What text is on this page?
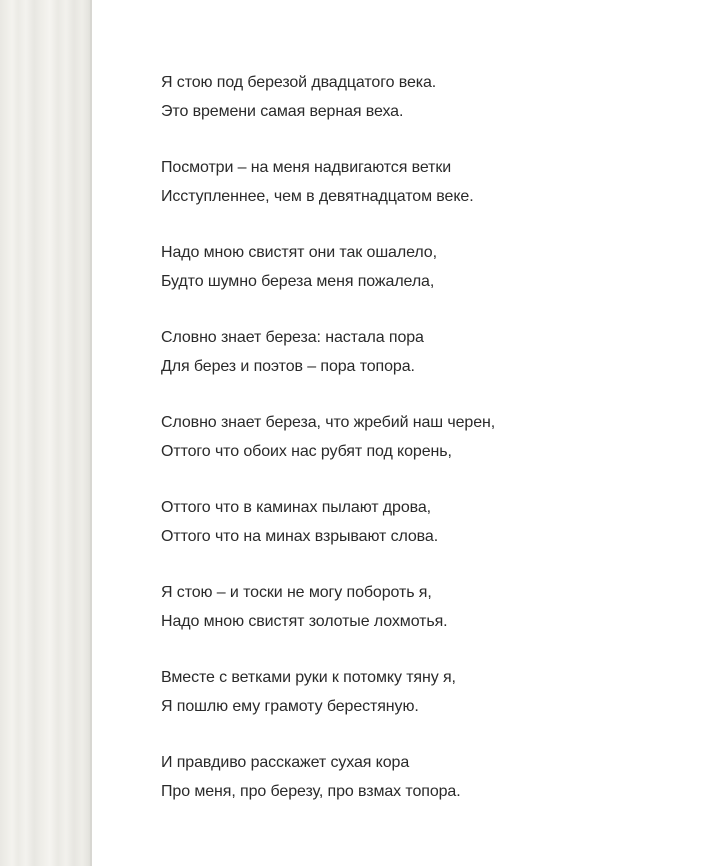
Я стою под березой двадцатого века.
Это времени самая верная веха.
Посмотри – на меня надвигаются ветки
Исступленнее, чем в девятнадцатом веке.
Надо мною свистят они так ошалело,
Будто шумно береза меня пожалела,
Словно знает береза: настала пора
Для берез и поэтов – пора топора.
Словно знает береза, что жребий наш черен,
Оттого что обоих нас рубят под корень,
Оттого что в каминах пылают дрова,
Оттого что на минах взрывают слова.
Я стою – и тоски не могу побороть я,
Надо мною свистят золотые лохмотья.
Вместе с ветками руки к потомку тяну я,
Я пошлю ему грамоту берестяную.
И правдиво расскажет сухая кора
Про меня, про березу, про взмах топора.
